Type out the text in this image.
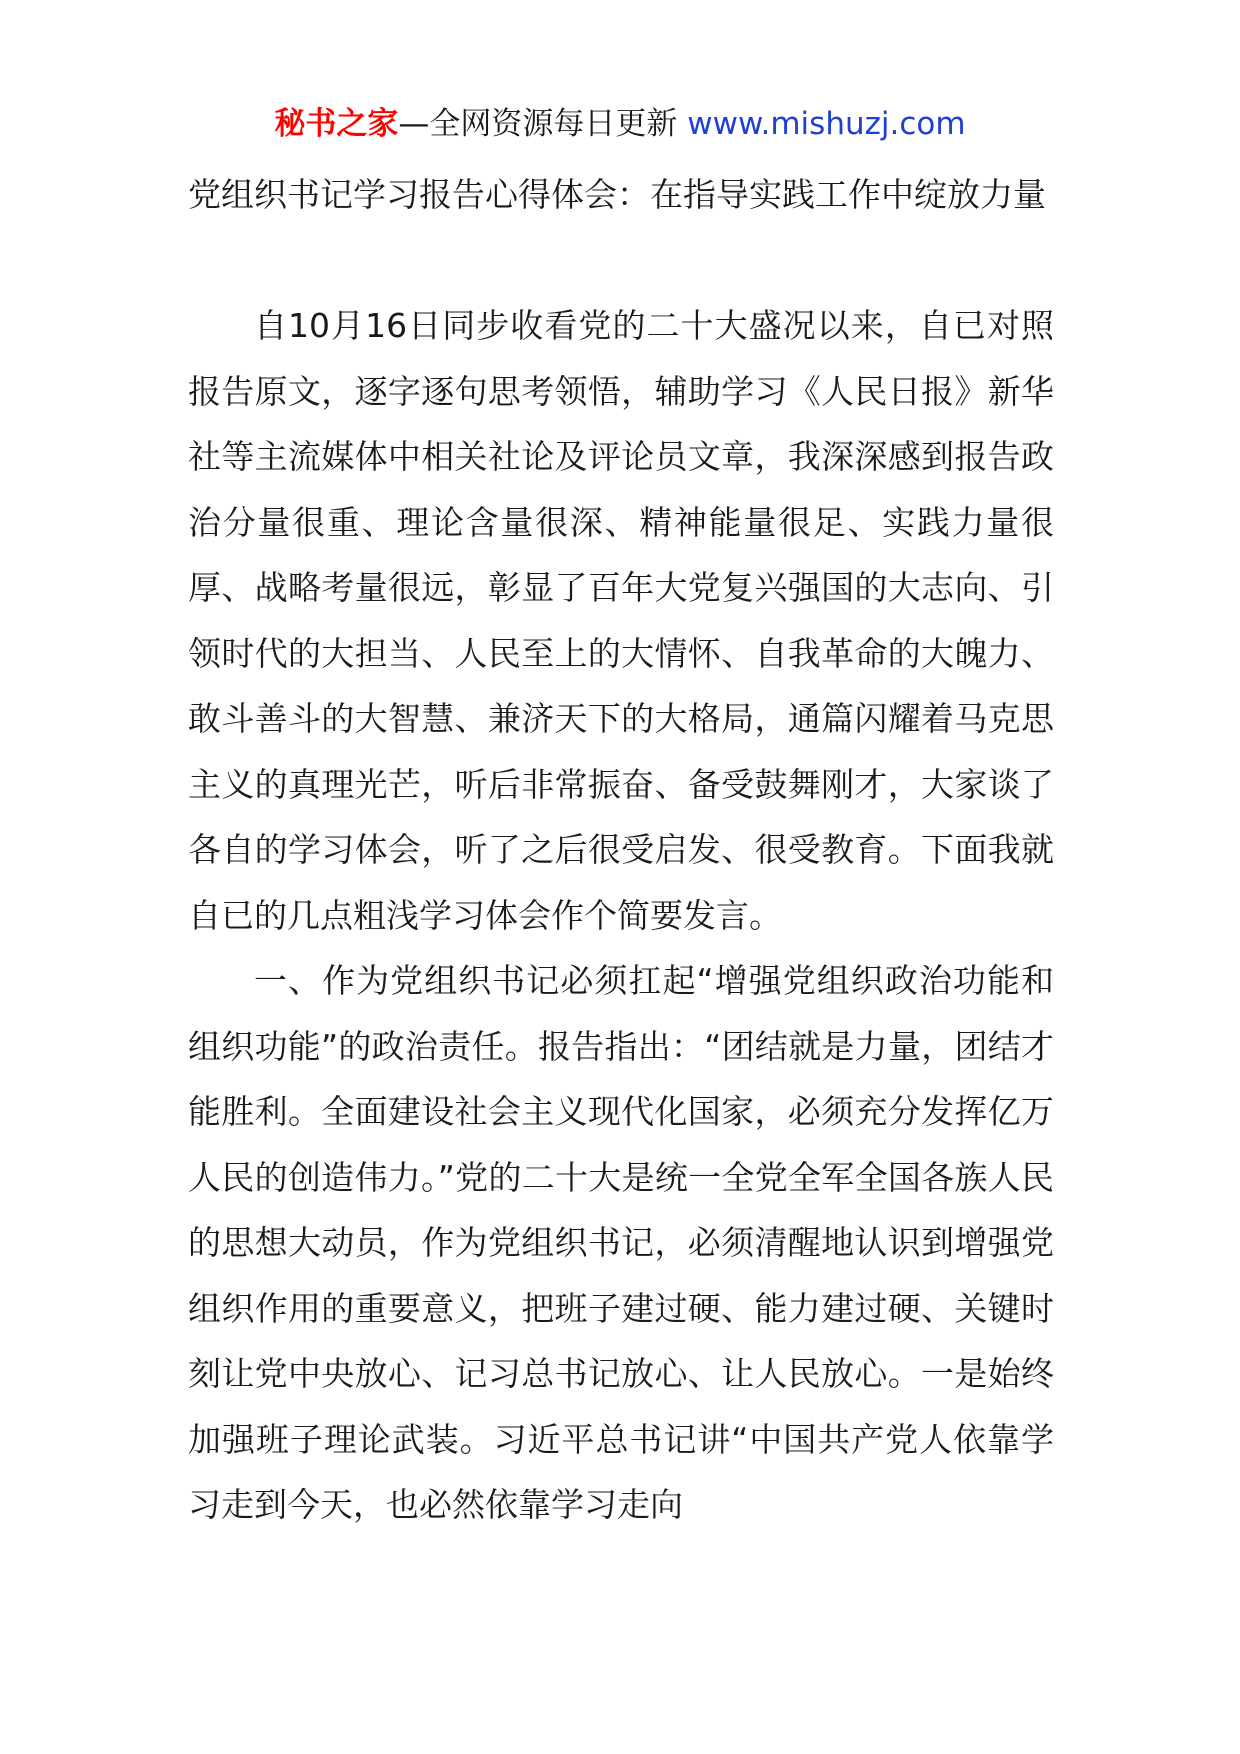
秘书之家—全网资源每日更新 www.mishuzj.com
党组织书记学习报告心得体会：在指导实践工作中绽放力量

自10月16日同步收看党的二十大盛况以来，自已对照报告原文，逐字逐句思考领悟，辅助学习《人民日报》新华社等主流媒体中相关社论及评论员文章，我深深感到报告政治分量很重、理论含量很深、精神能量很足、实践力量很厚、战略考量很远，彰显了百年大党复兴强国的大志向、引领时代的大担当、人民至上的大情怀、自我革命的大魄力、敢斗善斗的大智慧、兼济天下的大格局，通篇闪耀着马克思主义的真理光芒，听后非常振奋、备受鼓舞刚才，大家谈了各自的学习体会，听了之后很受启发、很受教育。下面我就自已的几点粗浅学习体会作个简要发言。

一、作为党组织书记必须扛起“增强党组织政治功能和组织功能”的政治责任。报告指出：“团结就是力量，团结才能胜利。全面建设社会主义现代化国家，必须充分发挥亿万人民的创造伟力。”党的二十大是统一全党全军全国各族人民的思想大动员，作为党组织书记，必须清醒地认识到增强党组织作用的重要意义，把班子建过硬、能力建过硬、关键时刻让党中央放心、记习总书记放心、让人民放心。一是始终加强班子理论武装。习近平总书记讲“中国共产党人依靠学习走到今天，也必然依靠学习走向
